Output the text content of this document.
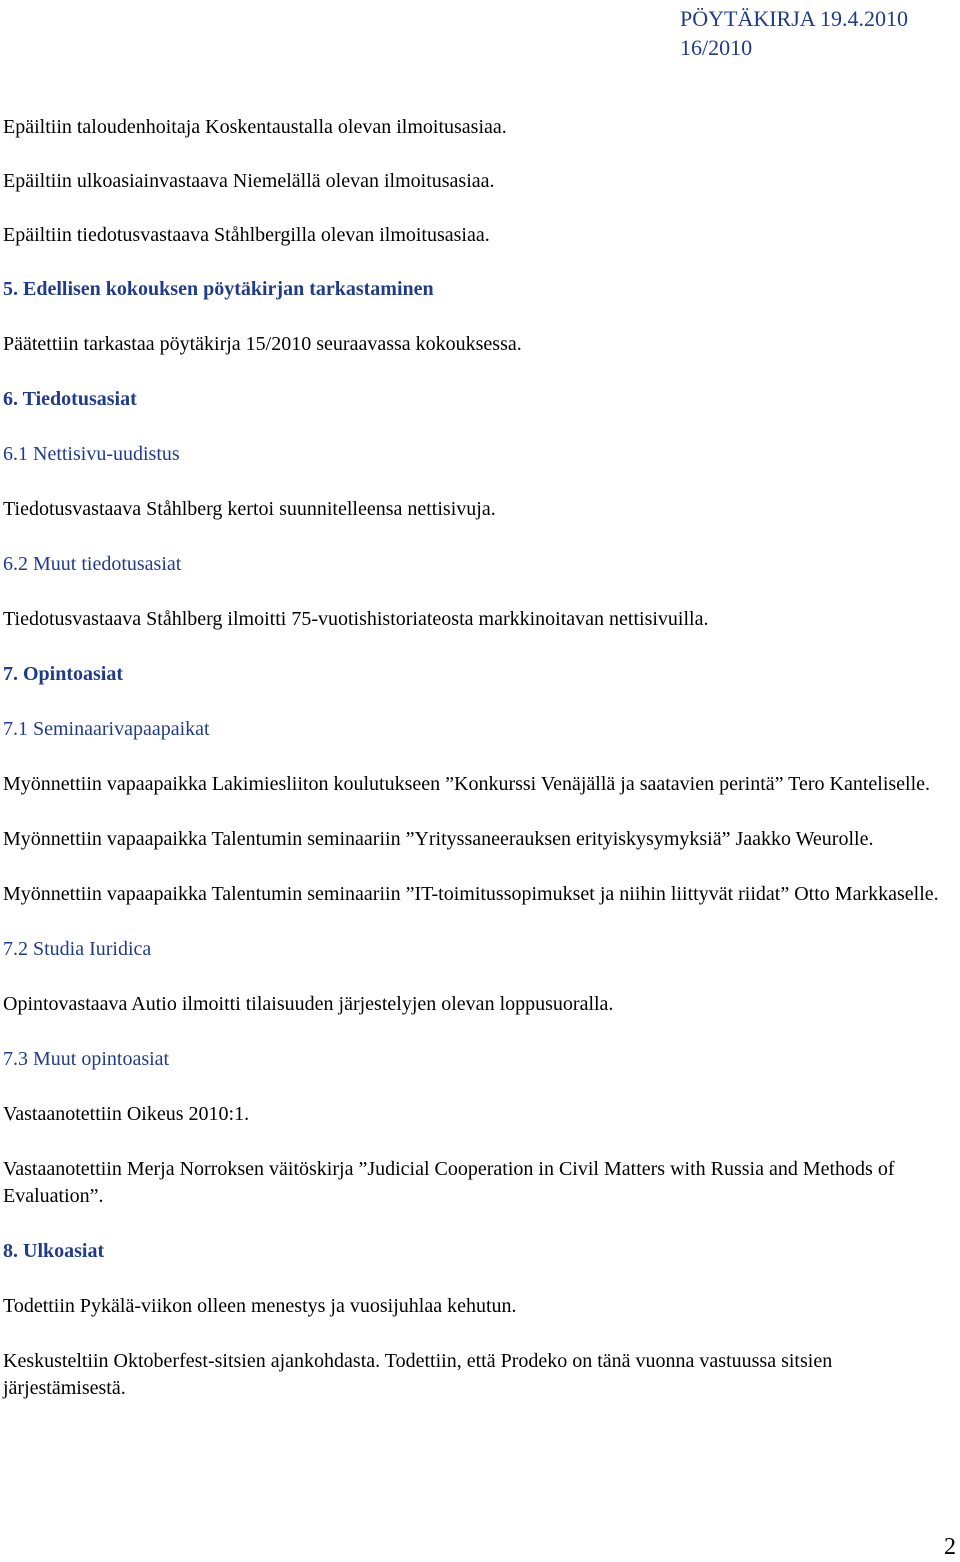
PÖYTÄKIRJA 19.4.2010
16/2010

Epäiltiin taloudenhoitaja Koskentaustalla olevan ilmoitusasiaa.

Epäiltiin ulkoasiainvastaava Niemelällä olevan ilmoitusasiaa.

Epäiltiin tiedotusvastaava Ståhlbergilla olevan ilmoitusasiaa.

5. Edellisen kokouksen pöytäkirjan tarkastaminen

Päätettiin tarkastaa pöytäkirja 15/2010 seuraavassa kokouksessa.

6. Tiedotusasiat

6.1 Nettisivu-uudistus

Tiedotusvastaava Ståhlberg kertoi suunnitelleensa nettisivuja.

6.2 Muut tiedotusasiat

Tiedotusvastaava Ståhlberg ilmoitti 75-vuotishistoriateosta markkinoitavan nettisivuilla.

7. Opintoasiat

7.1 Seminaarivapaapaikat

Myönnettiin vapaapaikka Lakimiesliiton koulutukseen ”Konkurssi Venäjällä ja saatavien perintä” Tero Kanteliselle.

Myönnettiin vapaapaikka Talentumin seminaariin ”Yrityssaneerauksen erityiskysymyksiä” Jaakko Weurolle.

Myönnettiin vapaapaikka Talentumin seminaariin ”IT-toimitussopimukset ja niihin liittyvät riidat” Otto Markkaselle.

7.2 Studia Iuridica

Opintovastaava Autio ilmoitti tilaisuuden järjestelyjen olevan loppusuoralla.

7.3 Muut opintoasiat

Vastaanotettiin Oikeus 2010:1.

Vastaanotettiin Merja Norroksen väitöskirja ”Judicial Cooperation in Civil Matters with Russia and Methods of Evaluation”.

8. Ulkoasiat

Todettiin Pykälä-viikon olleen menestys ja vuosijuhlaa kehutun.

Keskusteltiin Oktoberfest-sitsien ajankohdasta. Todettiin, että Prodeko on tänä vuonna vastuussa sitsien järjestämisestä.

2
